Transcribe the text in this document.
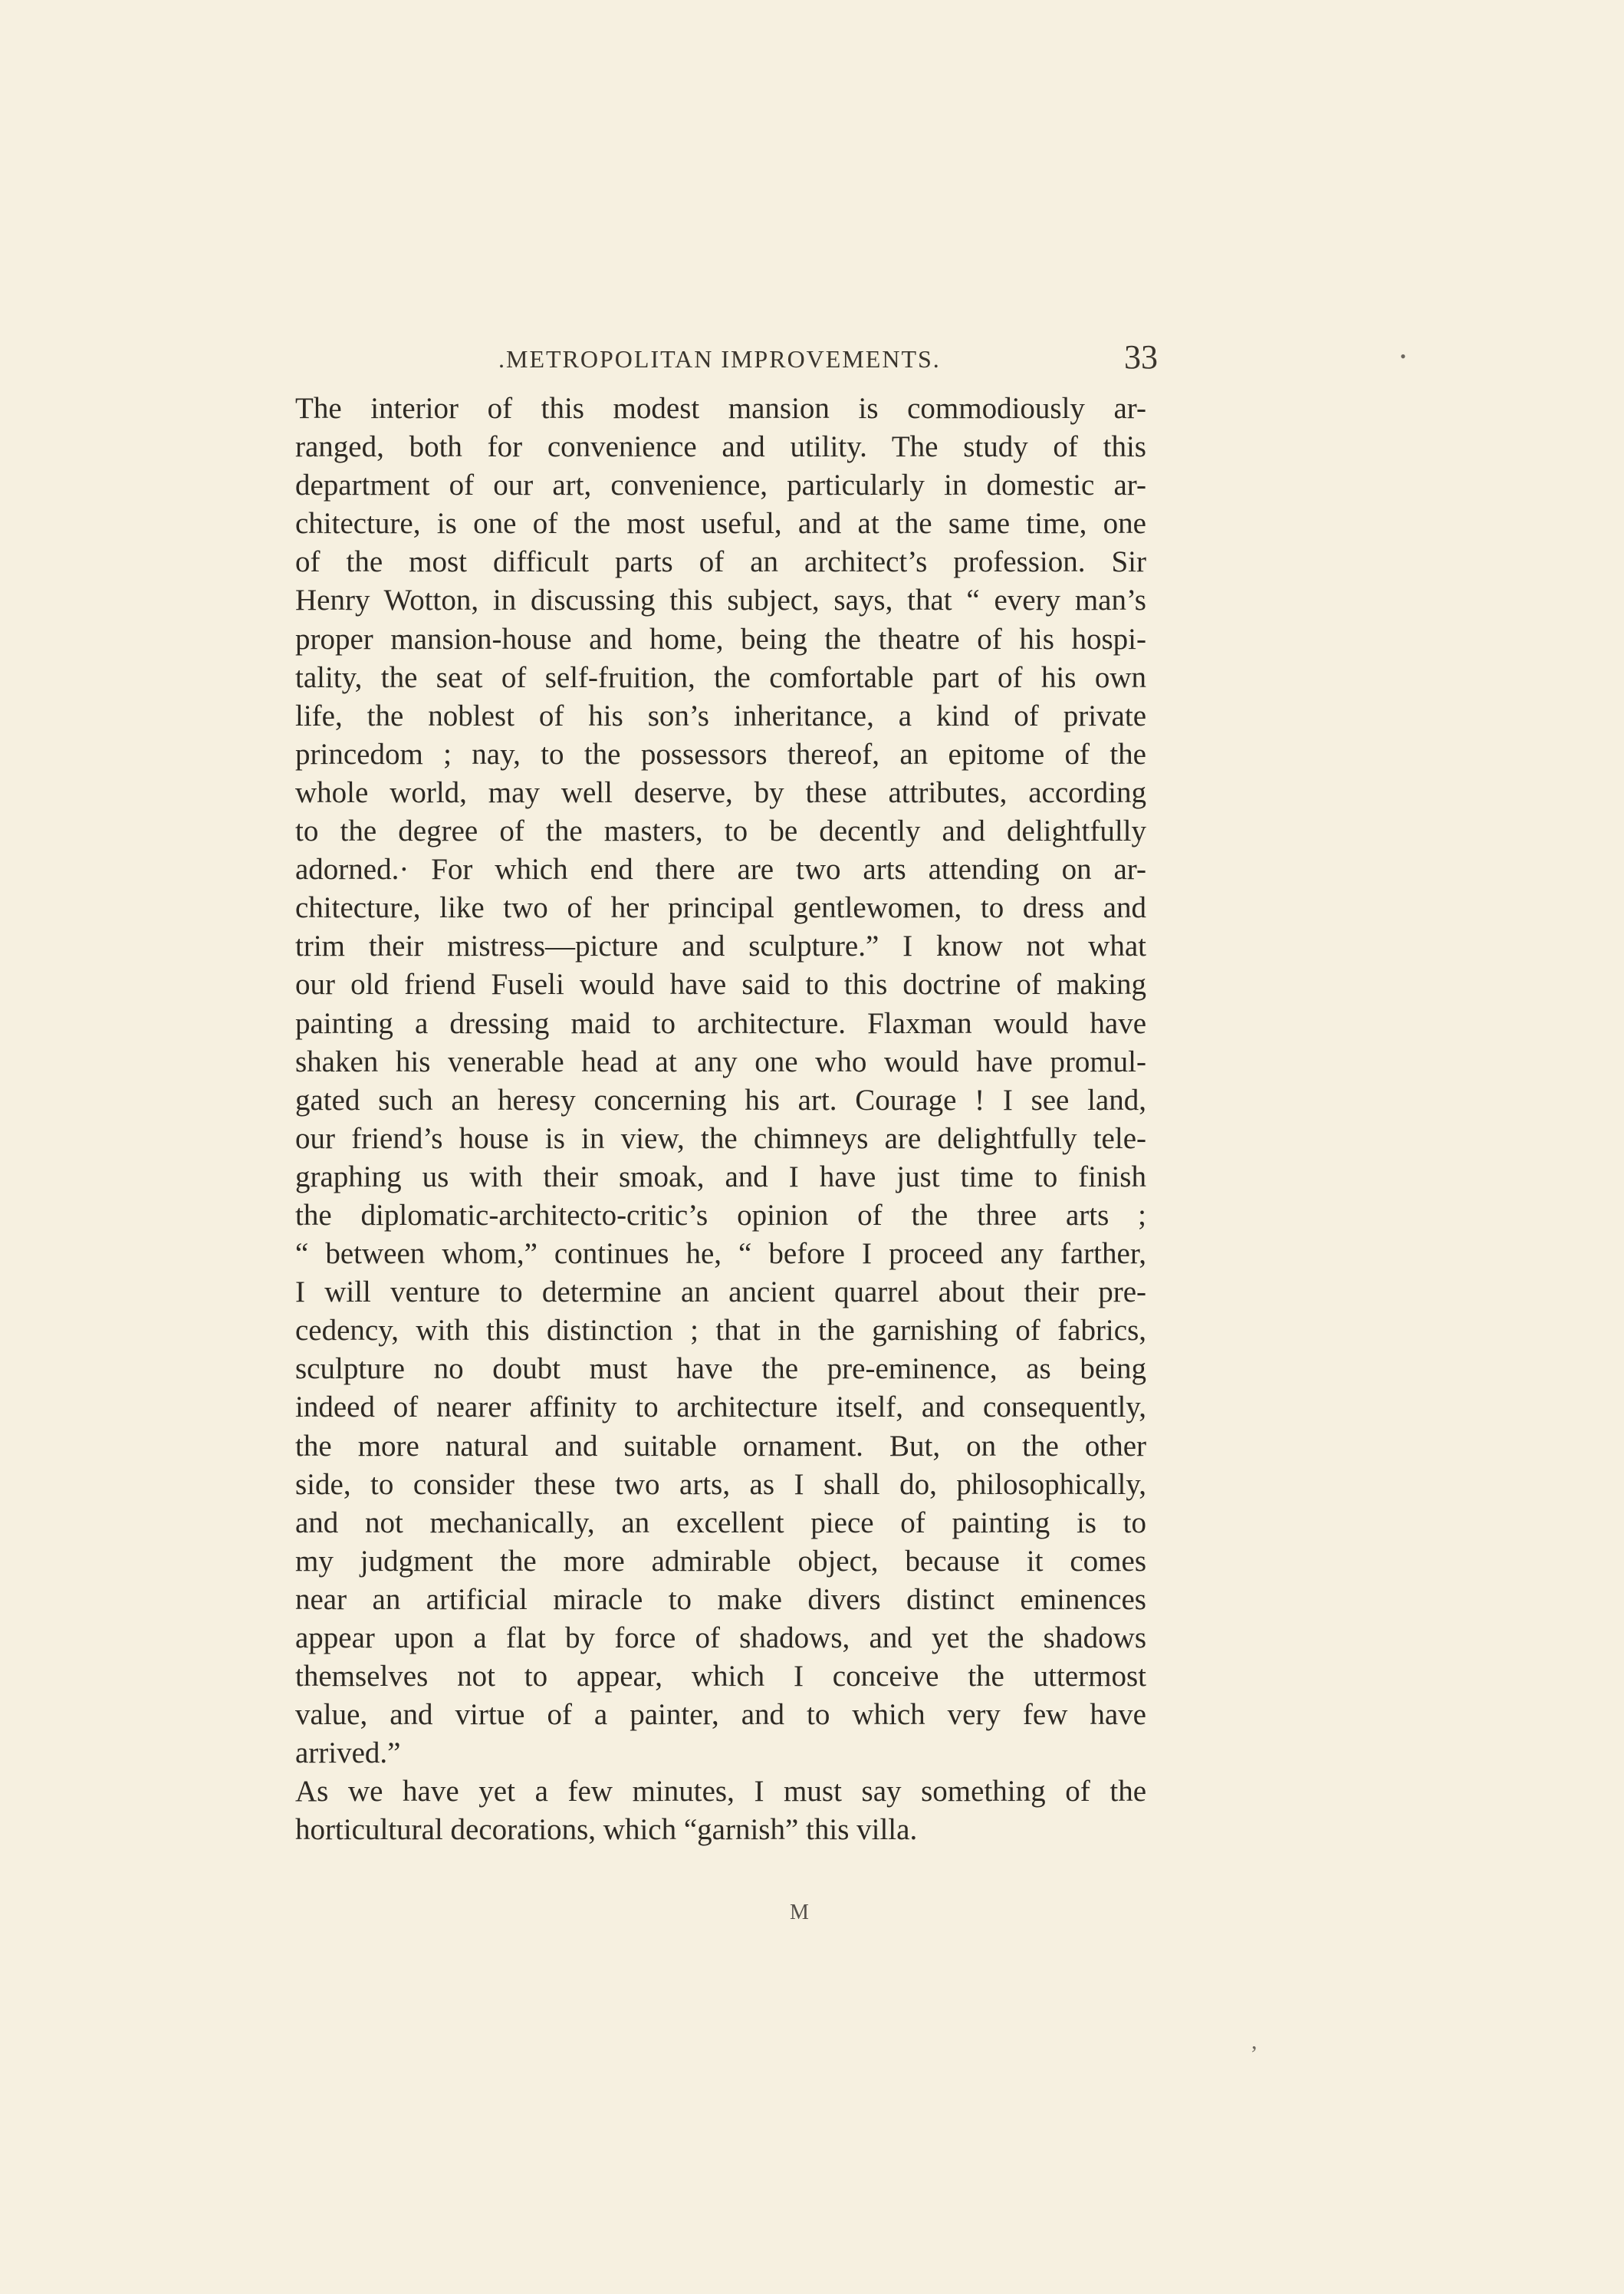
.METROPOLITAN IMPROVEMENTS.	33
The interior of this modest mansion is commodiously ar-
ranged, both for convenience and utility. The study of this
department of our art, convenience, particularly in domestic ar-
chitecture, is one of the most useful, and at the same time, one
of the most difficult parts of an architect’s profession. Sir
Henry Wotton, in discussing this subject, says, that “ every man’s
proper mansion-house and home, being the theatre of his hospi-
tality, the seat of self-fruition, the comfortable part of his own
life, the noblest of his son’s inheritance, a kind of private
princedom ; nay, to the possessors thereof, an epitome of the
whole world, may well deserve, by these attributes, according
to the degree of the masters, to be decently and delightfully
adorned.· For which end there are two arts attending on ar-
chitecture, like two of her principal gentlewomen, to dress and
trim their mistress—picture and sculpture.” I know not what
our old friend Fuseli would have said to this doctrine of making
painting a dressing maid to architecture. Flaxman would have
shaken his venerable head at any one who would have promul-
gated such an heresy concerning his art. Courage ! I see land,
our friend’s house is in view, the chimneys are delightfully tele-
graphing us with their smoak, and I have just time to finish
the diplomatic-architecto-critic’s opinion of the three arts ;
“ between whom,” continues he, “ before I proceed any farther,
I will venture to determine an ancient quarrel about their pre-
cedency, with this distinction ; that in the garnishing of fabrics,
sculpture no doubt must have the pre-eminence, as being
indeed of nearer affinity to architecture itself, and consequently,
the more natural and suitable ornament. But, on the other
side, to consider these two arts, as I shall do, philosophically,
and not mechanically, an excellent piece of painting is to
my judgment the more admirable object, because it comes
near an artificial miracle to make divers distinct eminences
appear upon a flat by force of shadows, and yet the shadows
themselves not to appear, which I conceive the uttermost
value, and virtue of a painter, and to which very few have
arrived.”
As we have yet a few minutes, I must say something of the
horticultural decorations, which “garnish” this villa.
M
•
,
